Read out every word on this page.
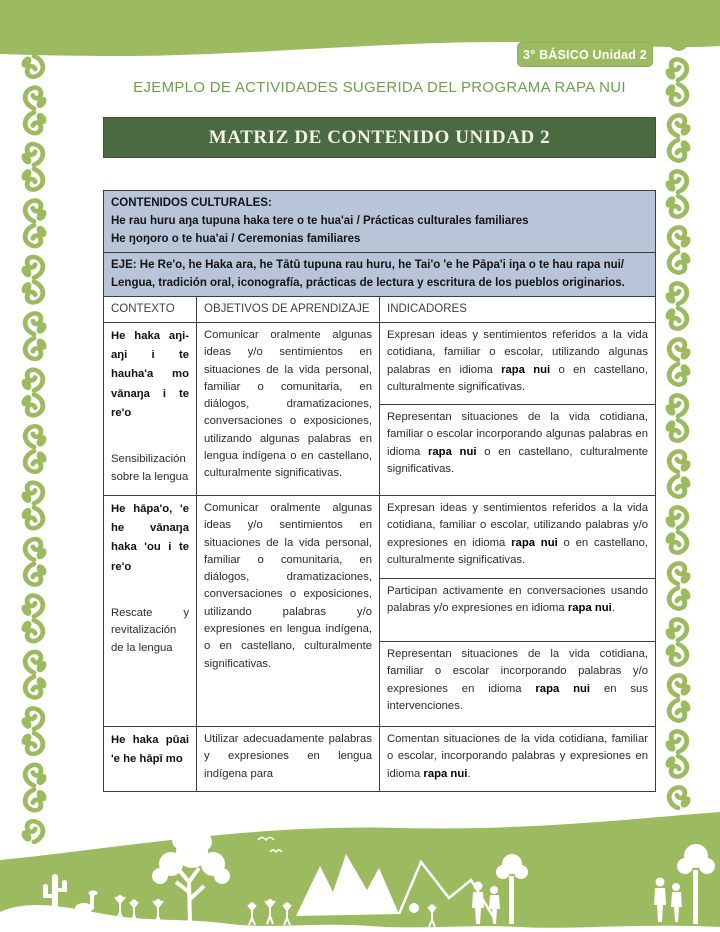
3° BÁSICO Unidad 2
EJEMPLO DE ACTIVIDADES SUGERIDA DEL PROGRAMA RAPA NUI
MATRIZ DE CONTENIDO UNIDAD 2
CONTENIDOS CULTURALES:
He rau huru aŋa tupuna haka tere o te hua'ai / Prácticas culturales familiares
He ŋoŋoro o te hua'ai / Ceremonias familiares
EJE: He Re'o, he Haka ara, he Tātū tupuna rau huru, he Tai'o 'e he Pāpa'i iŋa o te hau rapa nui/ Lengua, tradición oral, iconografía, prácticas de lectura y escritura de los pueblos originarios.
CONTEXTO	OBJETIVOS DE APRENDIZAJE	INDICADORES
He haka aŋi-aŋi i te hauha'a mo vānaŋa i te re'o
Sensibilización sobre la lengua
Comunicar oralmente algunas ideas y/o sentimientos en situaciones de la vida personal, familiar o comunitaria, en diálogos, dramatizaciones, conversaciones o exposiciones, utilizando algunas palabras en lengua indígena o en castellano, culturalmente significativas.
Expresan ideas y sentimientos referidos a la vida cotidiana, familiar o escolar, utilizando algunas palabras en idioma rapa nui o en castellano, culturalmente significativas.
Representan situaciones de la vida cotidiana, familiar o escolar incorporando algunas palabras en idioma rapa nui o en castellano, culturalmente significativas.
He hāpa'o, 'e he vānaŋa haka 'ou i te re'o
Rescate y revitalización de la lengua
Comunicar oralmente algunas ideas y/o sentimientos en situaciones de la vida personal, familiar o comunitaria, en diálogos, dramatizaciones, conversaciones o exposiciones, utilizando palabras y/o expresiones en lengua indígena, o en castellano, culturalmente significativas.
Expresan ideas y sentimientos referidos a la vida cotidiana, familiar o escolar, utilizando palabras y/o expresiones en idioma rapa nui o en castellano, culturalmente significativas.
Participan activamente en conversaciones usando palabras y/o expresiones en idioma rapa nui.
Representan situaciones de la vida cotidiana, familiar o escolar incorporando palabras y/o expresiones en idioma rapa nui en sus intervenciones.
He haka pūai 'e he hāpī mo
Utilizar adecuadamente palabras y expresiones en lengua indígena para
Comentan situaciones de la vida cotidiana, familiar o escolar, incorporando palabras y expresiones en idioma rapa nui.
